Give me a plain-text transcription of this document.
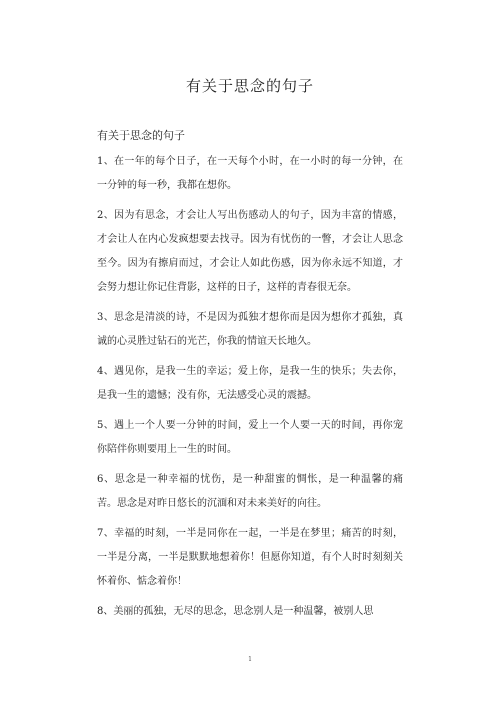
有关于思念的句子
有关于思念的句子
1、在一年的每个日子，在一天每个小时，在一小时的每一分钟，在一分钟的每一秒，我都在想你。
2、因为有思念，才会让人写出伤感动人的句子，因为丰富的情感，才会让人在内心发疯想要去找寻。因为有忧伤的一瞥，才会让人思念至今。因为有擦肩而过，才会让人如此伤感，因为你永远不知道，才会努力想让你记住背影，这样的日子，这样的青春很无奈。
3、思念是清淡的诗，不是因为孤独才想你而是因为想你才孤独，真诚的心灵胜过钻石的光芒，你我的情谊天长地久。
4、遇见你，是我一生的幸运；爱上你，是我一生的快乐；失去你，是我一生的遗憾；没有你，无法感受心灵的震撼。
5、遇上一个人要一分钟的时间，爱上一个人要一天的时间，再你宠你陪伴你则要用上一生的时间。
6、思念是一种幸福的忧伤，是一种甜蜜的惆怅，是一种温馨的痛苦。思念是对昨日悠长的沉湎和对未来美好的向往。
7、幸福的时刻，一半是同你在一起，一半是在梦里；痛苦的时刻，一半是分离，一半是默默地想着你！但愿你知道，有个人时时刻刻关怀着你、惦念着你！
8、美丽的孤独，无尽的思念，思念别人是一种温馨，被别人思
1
